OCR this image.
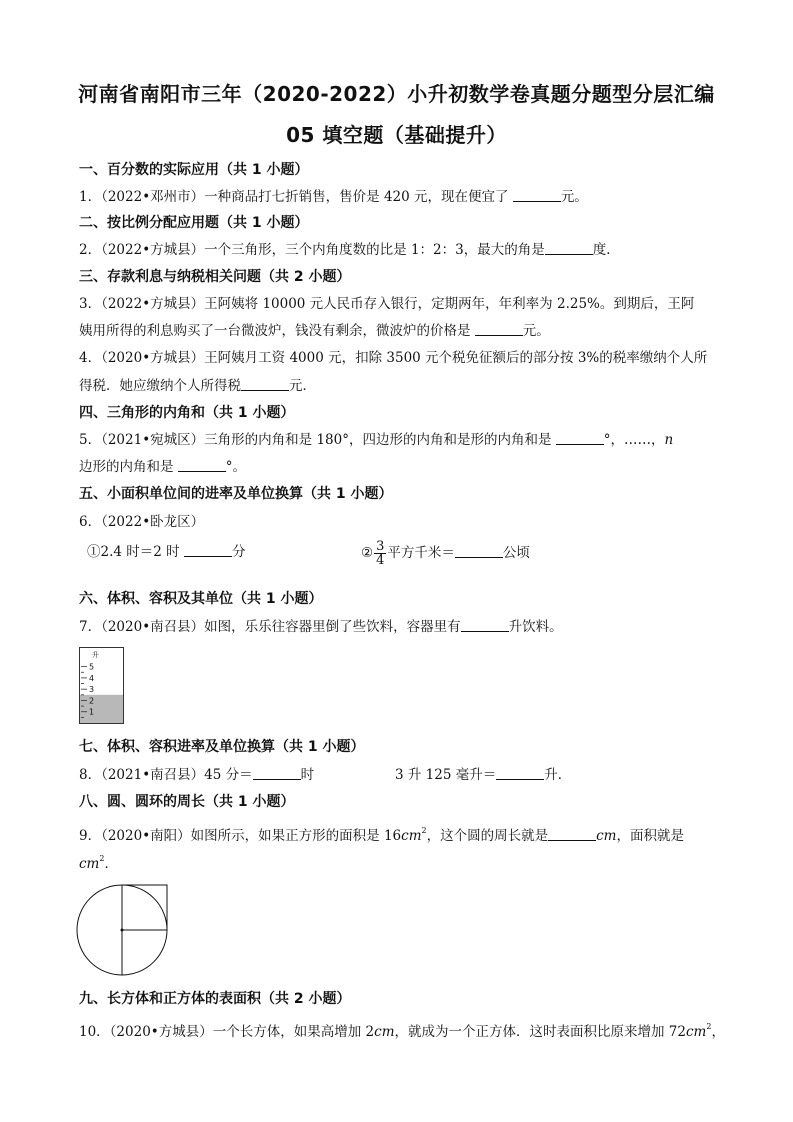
河南省南阳市三年（2020-2022）小升初数学卷真题分题型分层汇编
05 填空题（基础提升）
一、百分数的实际应用（共 1 小题）
1．（2022•邓州市）一种商品打七折销售，售价是 420 元，现在便宜了	元。
二、按比例分配应用题（共 1 小题）
2．（2022•方城县）一个三角形，三个内角度数的比是 1：2：3，最大的角是	度．
三、存款利息与纳税相关问题（共 2 小题）
3．（2022•方城县）王阿姨将 10000 元人民币存入银行，定期两年，年利率为 2.25%。到期后，王阿
姨用所得的利息购买了一台微波炉，钱没有剩余，微波炉的价格是	元。
4．（2020•方城县）王阿姨月工资 4000 元，扣除 3500 元个税免征额后的部分按 3%的税率缴纳个人所
得税．她应缴纳个人所得税	元．
四、三角形的内角和（共 1 小题）
5．（2021•宛城区）三角形的内角和是 180°，四边形的内角和是形的内角和是	°，……，n
边形的内角和是	°。
五、小面积单位间的进率及单位换算（共 1 小题）
6．（2022•卧龙区）
①2.4 时＝2 时	分	② $\frac{3}{4}$ 平方千米＝	公顷
六、体积、容积及其单位（共 1 小题）
7．（2020•南召县）如图，乐乐往容器里倒了些饮料，容器里有	升饮料。
升
5
4
3
2
1
七、体积、容积进率及单位换算（共 1 小题）
8．（2021•南召县）45 分＝	时	3 升 125 毫升＝	升．
八、圆、圆环的周长（共 1 小题）
9．（2020•南阳）如图所示，如果正方形的面积是 $16cm^2$，这个圆的周长就是	cm，面积就是
$cm^2$．
九、长方体和正方体的表面积（共 2 小题）
10．（2020•方城县）一个长方体，如果高增加 2cm，就成为一个正方体．这时表面积比原来增加 $72cm^2$，
